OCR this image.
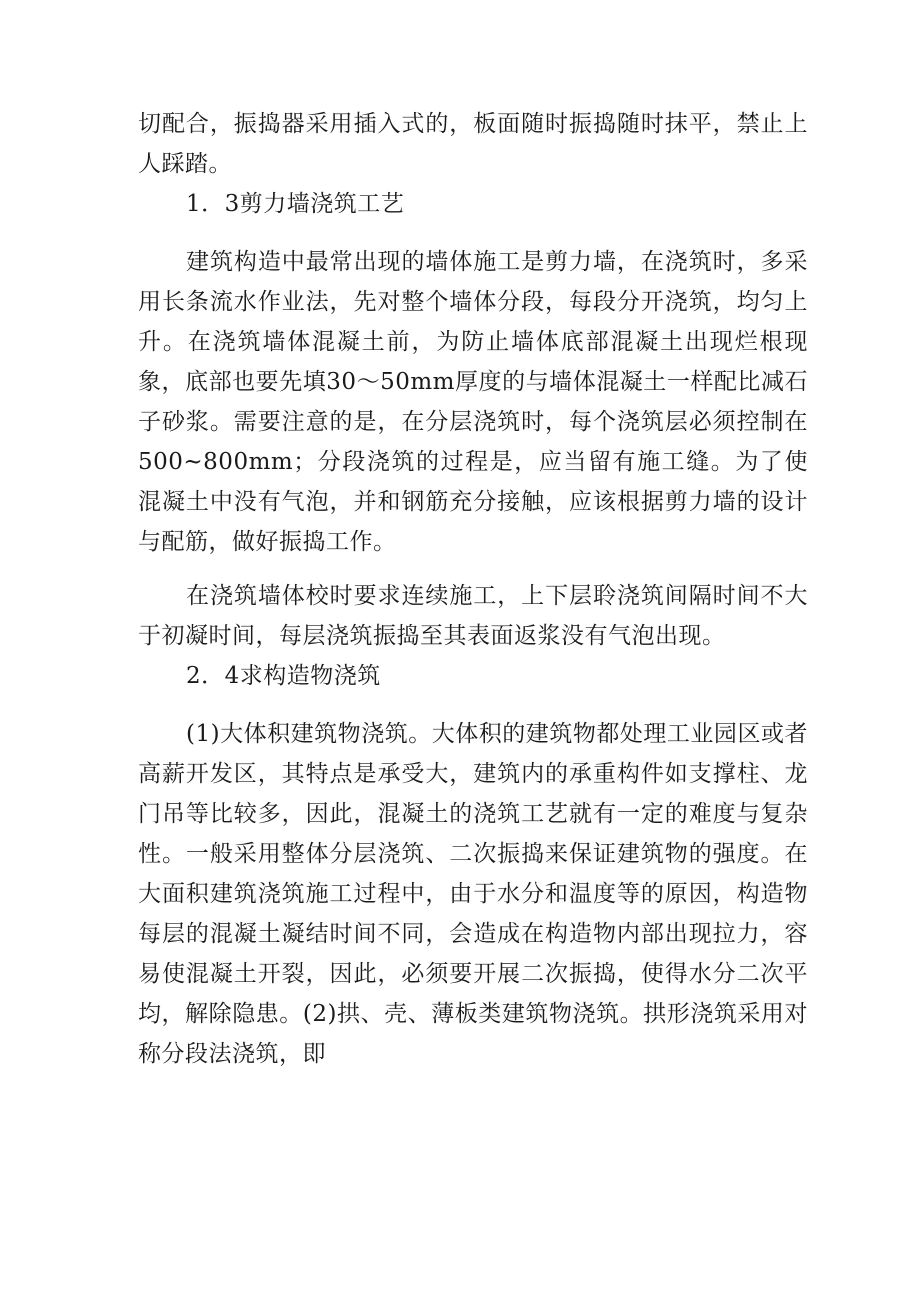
切配合，振捣器采用插入式的，板面随时振捣随时抹平，禁止上人踩踏。

1．3剪力墙浇筑工艺

建筑构造中最常出现的墙体施工是剪力墙，在浇筑时，多采用长条流水作业法，先对整个墙体分段，每段分开浇筑，均匀上升。在浇筑墙体混凝土前，为防止墙体底部混凝土出现烂根现象，底部也要先填30～50mm厚度的与墙体混凝土一样配比减石子砂浆。需要注意的是，在分层浇筑时，每个浇筑层必须控制在500~800mm；分段浇筑的过程是，应当留有施工缝。为了使混凝土中没有气泡，并和钢筋充分接触，应该根据剪力墙的设计与配筋，做好振捣工作。

在浇筑墙体校时要求连续施工，上下层聆浇筑间隔时间不大于初凝时间，每层浇筑振捣至其表面返浆没有气泡出现。

2．4求构造物浇筑

(1)大体积建筑物浇筑。大体积的建筑物都处理工业园区或者高薪开发区，其特点是承受大，建筑内的承重构件如支撑柱、龙门吊等比较多，因此，混凝土的浇筑工艺就有一定的难度与复杂性。一般采用整体分层浇筑、二次振捣来保证建筑物的强度。在大面积建筑浇筑施工过程中，由于水分和温度等的原因，构造物每层的混凝土凝结时间不同，会造成在构造物内部出现拉力，容易使混凝土开裂，因此，必须要开展二次振捣，使得水分二次平均，解除隐患。(2)拱、壳、薄板类建筑物浇筑。拱形浇筑采用对称分段法浇筑，即
